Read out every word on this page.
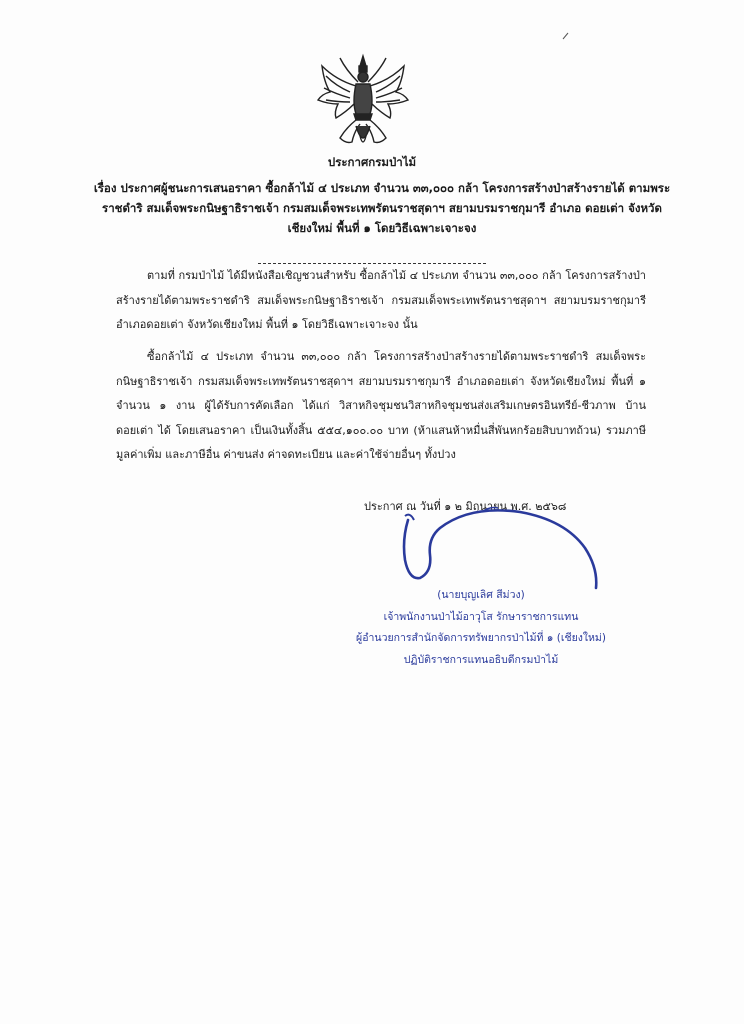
ประกาศกรมป่าไม้
เรื่อง ประกาศผู้ชนะการเสนอราคา ซื้อกล้าไม้ ๔ ประเภท จำนวน ๓๓,๐๐๐ กล้า โครงการสร้างป่าสร้างรายได้ ตามพระราชดำริ สมเด็จพระกนิษฐาธิราชเจ้า กรมสมเด็จพระเทพรัตนราชสุดาฯ สยามบรมราชกุมารี อำเภอ ดอยเต่า จังหวัดเชียงใหม่ พื้นที่ ๑ โดยวิธีเฉพาะเจาะจง
ตามที่ กรมป่าไม้ ได้มีหนังสือเชิญชวนสำหรับ ซื้อกล้าไม้ ๔ ประเภท จำนวน ๓๓,๐๐๐ กล้า โครงการสร้างป่าสร้างรายได้ตามพระราชดำริ สมเด็จพระกนิษฐาธิราชเจ้า กรมสมเด็จพระเทพรัตนราชสุดาฯ สยามบรมราชกุมารี อำเภอดอยเต่า จังหวัดเชียงใหม่ พื้นที่ ๑ โดยวิธีเฉพาะเจาะจง นั้น
ซื้อกล้าไม้ ๔ ประเภท จำนวน ๓๓,๐๐๐ กล้า โครงการสร้างป่าสร้างรายได้ตามพระราชดำริ สมเด็จพระกนิษฐาธิราชเจ้า กรมสมเด็จพระเทพรัตนราชสุดาฯ สยามบรมราชกุมารี อำเภอดอยเต่า จังหวัดเชียงใหม่ พื้นที่ ๑ จำนวน ๑ งาน ผู้ได้รับการคัดเลือก ได้แก่ วิสาหกิจชุมชนวิสาหกิจชุมชนส่งเสริมเกษตรอินทรีย์-ชีวภาพ บ้านดอยเต่า ได้ โดยเสนอราคา เป็นเงินทั้งสิ้น ๕๕๔,๑๐๐.๐๐ บาท (ห้าแสนห้าหมื่นสี่พันหกร้อยสิบบาทถ้วน) รวมภาษีมูลค่าเพิ่ม และภาษีอื่น ค่าขนส่ง ค่าจดทะเบียน และค่าใช้จ่ายอื่นๆ ทั้งปวง
ประกาศ ณ วันที่ ๑ ๒ มิถุนายน พ.ศ. ๒๕๖๘
(นายบุญเลิศ สีม่วง)
เจ้าพนักงานป่าไม้อาวุโส รักษาราชการแทน
ผู้อำนวยการสำนักจัดการทรัพยากรป่าไม้ที่ ๑ (เชียงใหม่)
ปฏิบัติราชการแทนอธิบดีกรมป่าไม้
